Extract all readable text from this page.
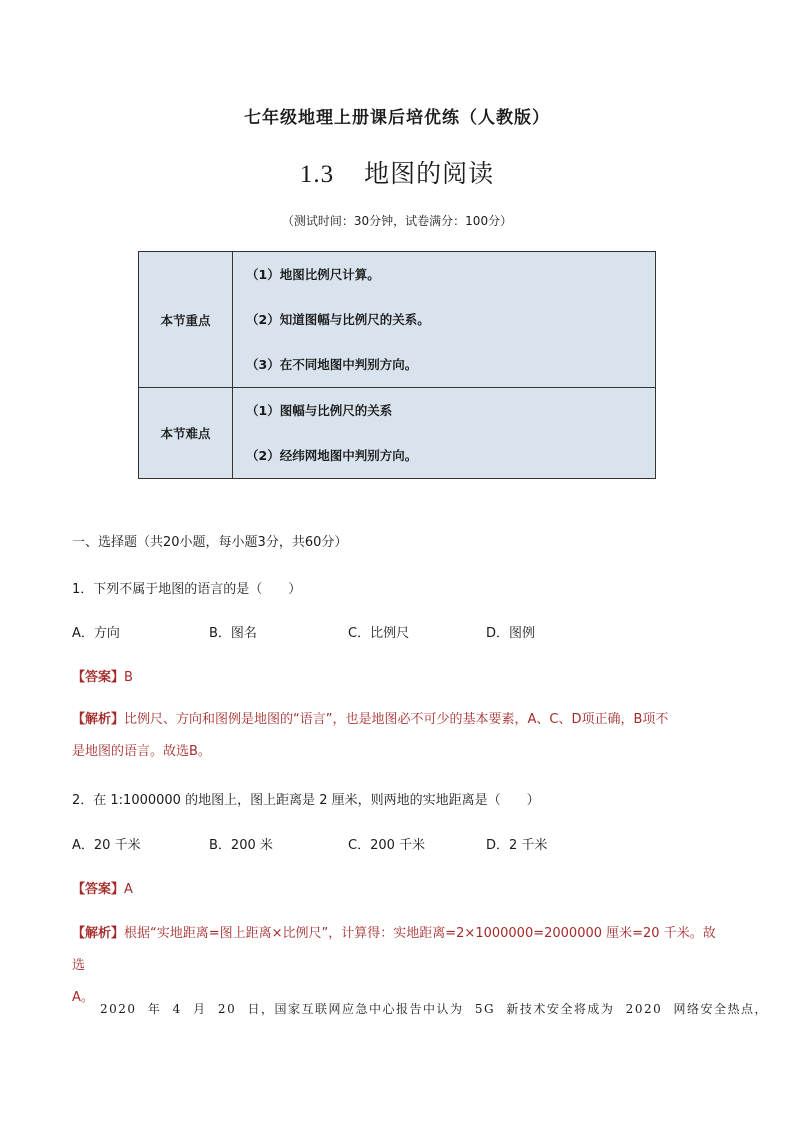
七年级地理上册课后培优练（人教版）
1.3 地图的阅读
（测试时间：30分钟，试卷满分：100分）
本节重点	（1）地图比例尺计算。
（2）知道图幅与比例尺的关系。
（3）在不同地图中判别方向。

本节难点	（1）图幅与比例尺的关系
（2）经纬网地图中判别方向。
一、选择题（共20小题，每小题3分，共60分）
1．下列不属于地图的语言的是（　　）
A．方向	B．图名	C．比例尺	D．图例
【答案】B
【解析】比例尺、方向和图例是地图的“语言”，也是地图必不可少的基本要素，A、C、D项正确，B项不
是地图的语言。故选B。
2．在 1:1000000 的地图上，图上距离是 2 厘米，则两地的实地距离是（　　）
A．20 千米	B．200 米	C．200 千米	D．2 千米
【答案】A
【解析】根据“实地距离=图上距离×比例尺”，计算得：实地距离=2×1000000=2000000 厘米=20 千米。故选
A。
2020 年 4 月 20 日，国家互联网应急中心报告中认为 5G 新技术安全将成为 2020 网络安全热点，
